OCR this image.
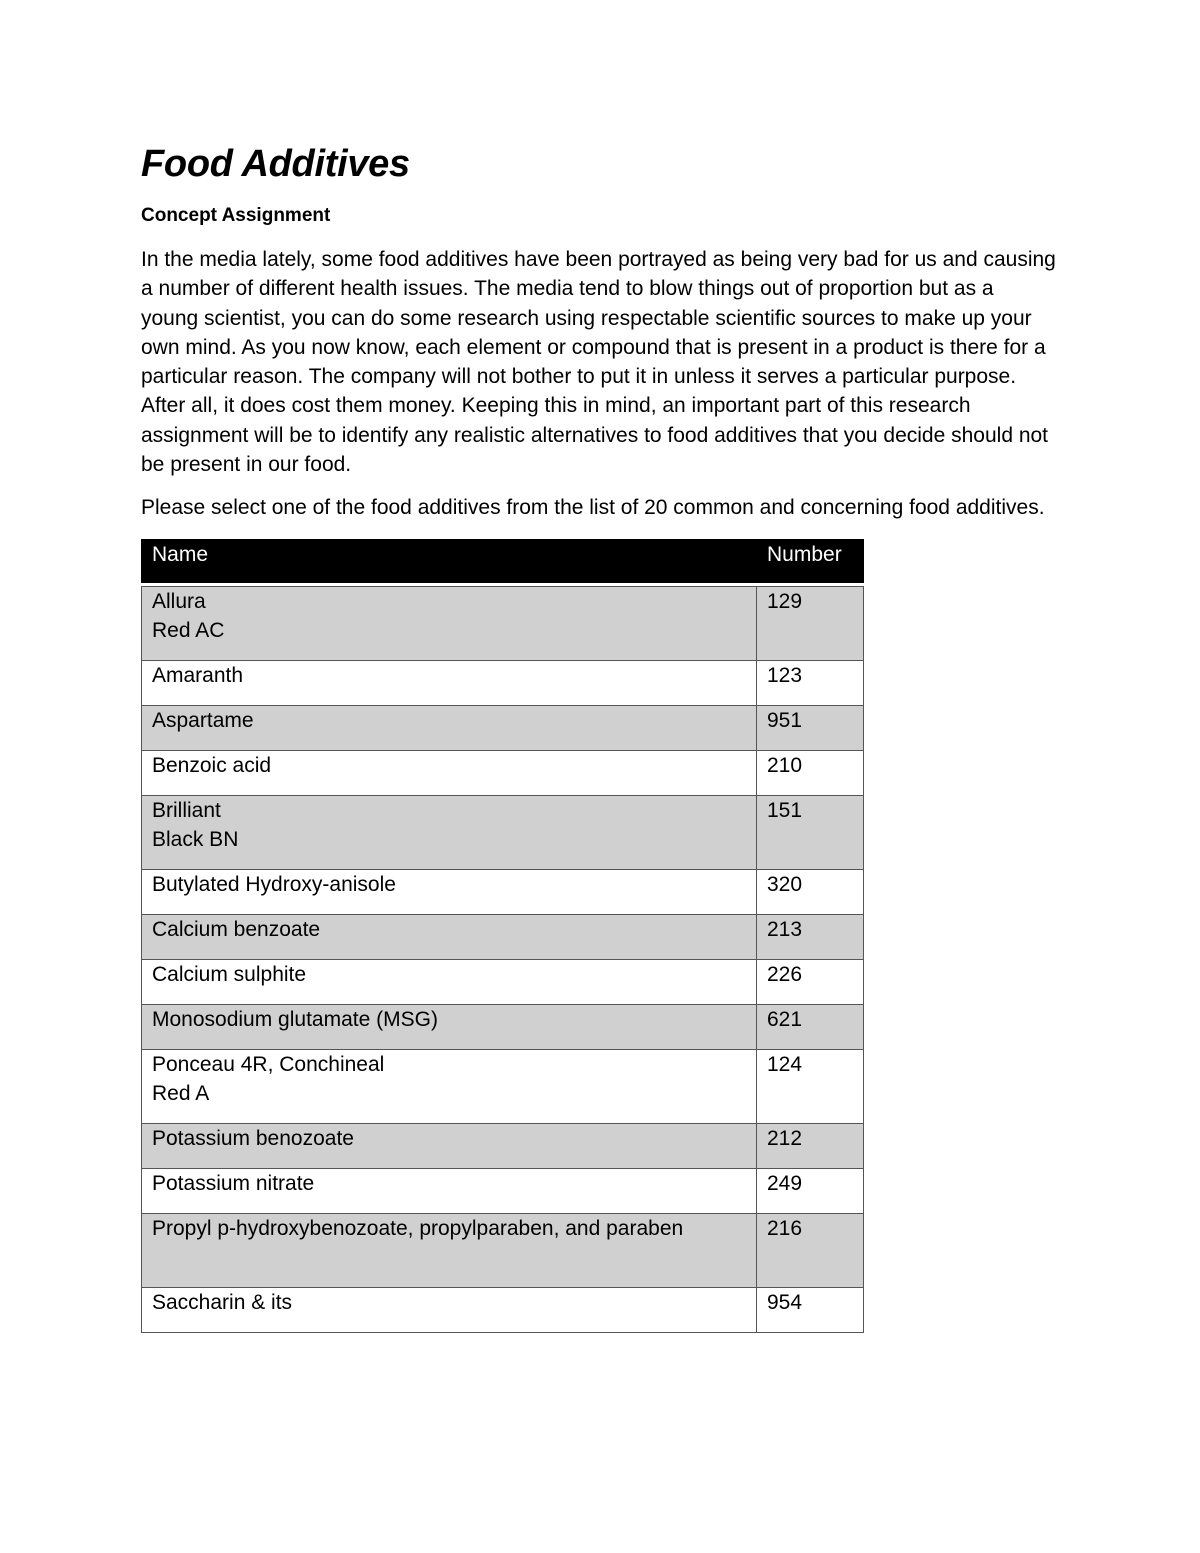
Food Additives
Concept Assignment

In the media lately, some food additives have been portrayed as being very bad for us and causing a number of different health issues. The media tend to blow things out of proportion but as a young scientist, you can do some research using respectable scientific sources to make up your own mind. As you now know, each element or compound that is present in a product is there for a particular reason. The company will not bother to put it in unless it serves a particular purpose. After all, it does cost them money. Keeping this in mind, an important part of this research assignment will be to identify any realistic alternatives to food additives that you decide should not be present in our food.

Please select one of the food additives from the list of 20 common and concerning food additives.

Name	Number

Allura
Red AC	129

Amaranth	123

Aspartame	951

Benzoic acid	210

Brilliant
Black BN	151

Butylated Hydroxy-anisole	320

Calcium benzoate	213

Calcium sulphite	226

Monosodium glutamate (MSG)	621

Ponceau 4R, Conchineal
Red A	124

Potassium benozoate	212

Potassium nitrate	249

Propyl p-hydroxybenozoate, propylparaben, and paraben	216

Saccharin & its	954
